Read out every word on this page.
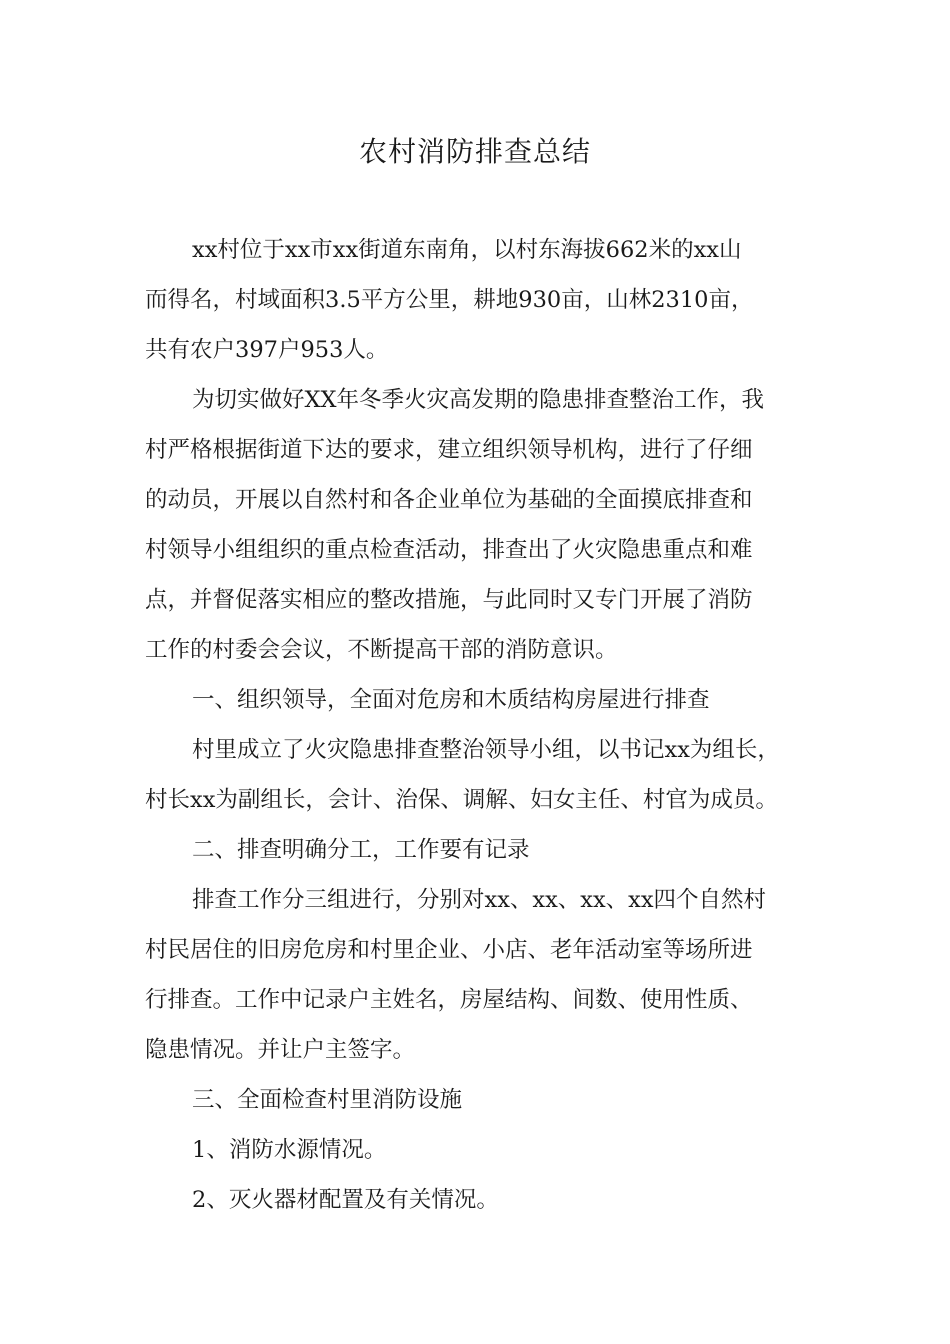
农村消防排查总结
xx村位于xx市xx街道东南角，以村东海拔662米的xx山
而得名，村域面积3.5平方公里，耕地930亩，山林2310亩，
共有农户397户953人。
为切实做好XX年冬季火灾高发期的隐患排查整治工作，我
村严格根据街道下达的要求，建立组织领导机构，进行了仔细
的动员，开展以自然村和各企业单位为基础的全面摸底排查和
村领导小组组织的重点检查活动，排查出了火灾隐患重点和难
点，并督促落实相应的整改措施，与此同时又专门开展了消防
工作的村委会会议，不断提高干部的消防意识。
一、组织领导，全面对危房和木质结构房屋进行排查
村里成立了火灾隐患排查整治领导小组，以书记xx为组长，
村长xx为副组长，会计、治保、调解、妇女主任、村官为成员。
二、排查明确分工，工作要有记录
排查工作分三组进行，分别对xx、xx、xx、xx四个自然村
村民居住的旧房危房和村里企业、小店、老年活动室等场所进
行排查。工作中记录户主姓名，房屋结构、间数、使用性质、
隐患情况。并让户主签字。
三、全面检查村里消防设施
1、消防水源情况。
2、灭火器材配置及有关情况。
